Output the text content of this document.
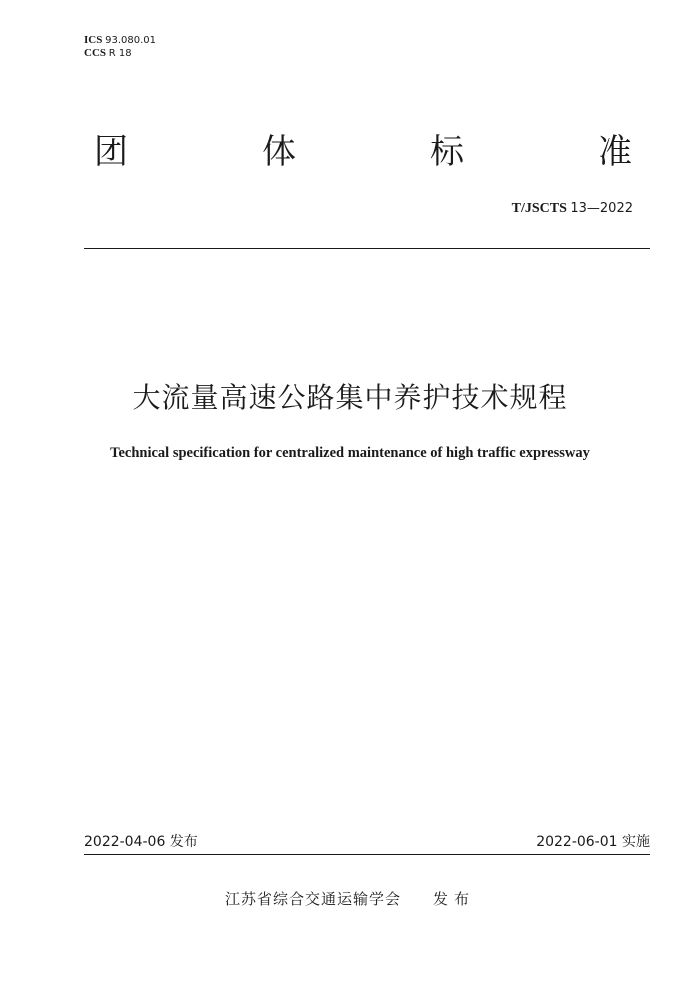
ICS 93.080.01
CCS R 18
团	体	标	准
T/JSCTS 13—2022
大流量高速公路集中养护技术规程
Technical specification for centralized maintenance of high traffic expressway
2022-04-06 发布	2022-06-01 实施
江苏省综合交通运输学会 发布
